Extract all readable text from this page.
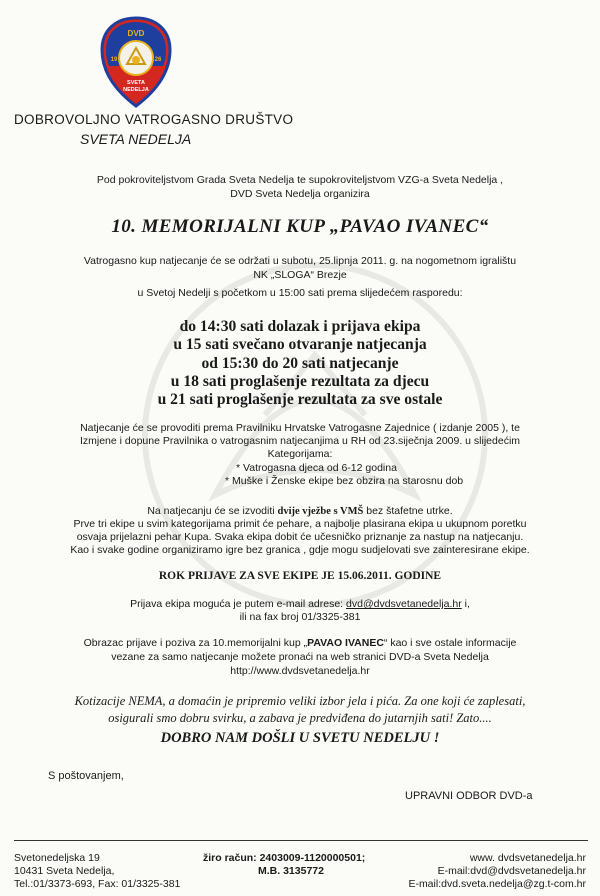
DVD
19	26
SVETA
NEDELJA
DOBROVOLJNO VATROGASNO DRUŠTVO
SVETA NEDELJA
Pod pokroviteljstvom Grada Sveta Nedelja te supokroviteljstvom VZG-a Sveta Nedelja ,
DVD Sveta Nedelja organizira
10. MEMORIJALNI KUP „PAVAO IVANEC“
Vatrogasno kup natjecanje će se održati u subotu, 25.lipnja 2011. g. na nogometnom igralištu
NK „SLOGA“ Brezje
u Svetoj Nedelji s početkom u 15:00 sati prema slijedećem rasporedu:
do 14:30 sati dolazak i prijava ekipa
u 15 sati svečano otvaranje natjecanja
od 15:30 do 20 sati natjecanje
u 18 sati proglašenje rezultata za djecu
u 21 sati proglašenje rezultata za sve ostale
Natjecanje će se provoditi prema Pravilniku Hrvatske Vatrogasne Zajednice ( izdanje 2005 ), te
Izmjene i dopune Pravilnika o vatrogasnim natjecanjima u RH od 23.siječnja 2009. u slijedećim
Kategorijama:
* Vatrogasna djeca od 6-12 godina
* Muške i Ženske ekipe bez obzira na starosnu dob
Na natjecanju će se izvoditi dvije vježbe s VMŠ bez štafetne utrke.
Prve tri ekipe u svim kategorijama primit će pehare, a najbolje plasirana ekipa u ukupnom poretku
osvaja prijelazni pehar Kupa. Svaka ekipa dobit će učesničko priznanje za nastup na natjecanju.
Kao i svake godine organiziramo igre bez granica , gdje mogu sudjelovati sve zainteresirane ekipe.
ROK PRIJAVE ZA SVE EKIPE JE 15.06.2011. GODINE
Prijava ekipa moguća je putem e-mail adrese: dvd@dvdsvetanedelja.hr i,
ili na fax broj 01/3325-381
Obrazac prijave i poziva za 10.memorijalni kup „PAVAO IVANEC“ kao i sve ostale informacije
vezane za samo natjecanje možete pronaći na web stranici DVD-a Sveta Nedelja
http://www.dvdsvetanedelja.hr
Kotizacije NEMA, a domaćin je pripremio veliki izbor jela i pića. Za one koji će zaplesati,
osigurali smo dobru svirku, a zabava je predviđena do jutarnjih sati! Zato....
DOBRO NAM DOŠLI U SVETU NEDELJU !
S poštovanjem,
UPRAVNI ODBOR DVD-a
Svetonedeljska 19
10431 Sveta Nedelja,
Tel.:01/3373-693, Fax: 01/3325-381
žiro račun: 2403009-1120000501;
M.B. 3135772
www. dvdsvetanedelja.hr
E-mail:dvd@dvdsvetanedelja.hr
E-mail:dvd.sveta.nedelja@zg.t-com.hr
